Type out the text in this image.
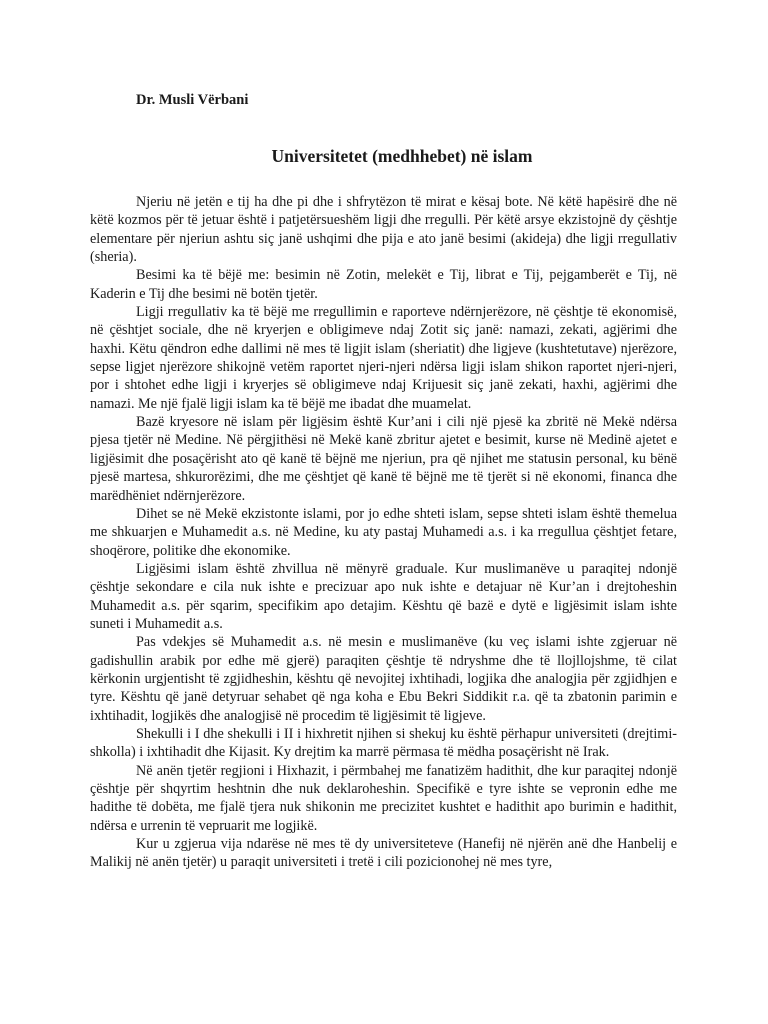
Dr. Musli Vërbani

Universitetet (medhhebet) në islam

Njeriu në jetën e tij ha dhe pi dhe i shfrytëzon të mirat e kësaj bote. Në këtë hapësirë dhe në këtë kozmos për të jetuar është i patjetërsueshëm ligji dhe rregulli. Për këtë arsye ekzistojnë dy çështje elementare për njeriun ashtu siç janë ushqimi dhe pija e ato janë besimi (akideja) dhe ligji rregullativ (sheria).

Besimi ka të bëjë me: besimin në Zotin, melekët e Tij, librat e Tij, pejgamberët e Tij, në Kaderin e Tij dhe besimi në botën tjetër.

Ligji rregullativ ka të bëjë me rregullimin e raporteve ndërnjerëzore, në çështje të ekonomisë, në çështjet sociale, dhe në kryerjen e obligimeve ndaj Zotit siç janë: namazi, zekati, agjërimi dhe haxhi. Këtu qëndron edhe dallimi në mes të ligjit islam (sheriatit) dhe ligjeve (kushtetutave) njerëzore, sepse ligjet njerëzore shikojnë vetëm raportet njeri-njeri ndërsa ligji islam shikon raportet njeri-njeri, por i shtohet edhe ligji i kryerjes së obligimeve ndaj Krijuesit siç janë zekati, haxhi, agjërimi dhe namazi. Me një fjalë ligji islam ka të bëjë me ibadat dhe muamelat.

Bazë kryesore në islam për ligjësim është Kur’ani i cili një pjesë ka zbritë në Mekë ndërsa pjesa tjetër në Medine. Në përgjithësi në Mekë kanë zbritur ajetet e besimit, kurse në Medinë ajetet e ligjësimit dhe posaçërisht ato që kanë të bëjnë me njeriun, pra që njihet me statusin personal, ku bënë pjesë martesa, shkurorëzimi, dhe me çështjet që kanë të bëjnë me të tjerët si në ekonomi, financa dhe marëdhëniet ndërnjerëzore.

Dihet se në Mekë ekzistonte islami, por jo edhe shteti islam, sepse shteti islam është themelua me shkuarjen e Muhamedit a.s. në Medine, ku aty pastaj Muhamedi a.s. i ka rregullua çështjet fetare, shoqërore, politike dhe ekonomike.

Ligjësimi islam është zhvillua në mënyrë graduale. Kur muslimanëve u paraqitej ndonjë çështje sekondare e cila nuk ishte e precizuar apo nuk ishte e detajuar në Kur’an i drejtoheshin Muhamedit a.s. për sqarim, specifikim apo detajim. Kështu që bazë e dytë e ligjësimit islam ishte suneti i Muhamedit a.s.

Pas vdekjes së Muhamedit a.s. në mesin e muslimanëve (ku veç islami ishte zgjeruar në gadishullin arabik por edhe më gjerë) paraqiten çështje të ndryshme dhe të llojllojshme, të cilat kërkonin urgjentisht të zgjidheshin, kështu që nevojitej ixhtihadi, logjika dhe analogjia për zgjidhjen e tyre. Kështu që janë detyruar sehabet që nga koha e Ebu Bekri Siddikit r.a. që ta zbatonin parimin e ixhtihadit, logjikës dhe analogjisë në procedim të ligjësimit të ligjeve.

Shekulli i I dhe shekulli i II i hixhretit njihen si shekuj ku është përhapur universiteti (drejtimi-shkolla) i ixhtihadit dhe Kijasit. Ky drejtim ka marrë përmasa të mëdha posaçërisht në Irak.

Në anën tjetër regjioni i Hixhazit, i përmbahej me fanatizëm hadithit, dhe kur paraqitej ndonjë çështje për shqyrtim heshtnin dhe nuk deklaroheshin. Specifikë e tyre ishte se vepronin edhe me hadithe të dobëta, me fjalë tjera nuk shikonin me precizitet kushtet e hadithit apo burimin e hadithit, ndërsa e urrenin të vepruarit me logjikë.

Kur u zgjerua vija ndarëse në mes të dy universiteteve (Hanefij në njërën anë dhe Hanbelij e Malikij në anën tjetër) u paraqit universiteti i tretë i cili pozicionohej në mes tyre,
